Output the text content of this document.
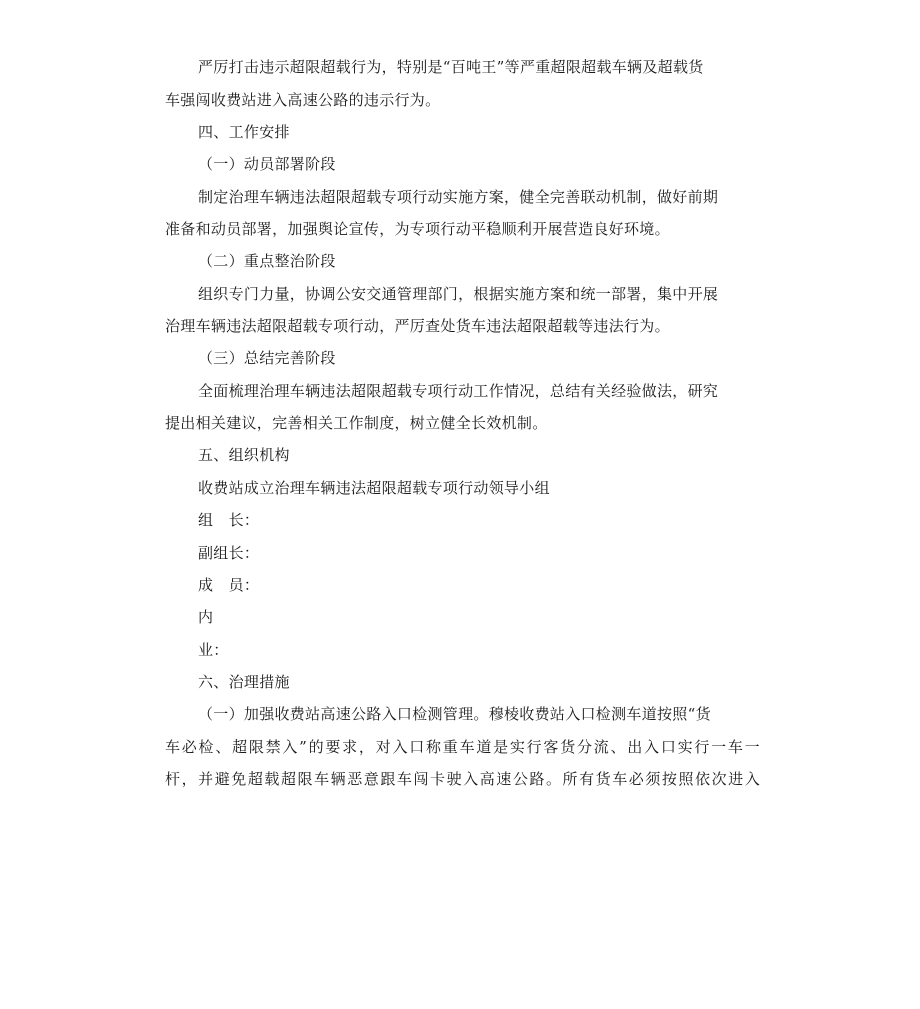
严厉打击违示超限超载行为，特别是“百吨王”等严重超限超载车辆及超载货
车强闯收费站进入高速公路的违示行为。
四、工作安排
（一）动员部署阶段
制定治理车辆违法超限超载专项行动实施方案，健全完善联动机制，做好前期
准备和动员部署，加强舆论宣传，为专项行动平稳顺利开展营造良好环境。
（二）重点整治阶段
组织专门力量，协调公安交通管理部门，根据实施方案和统一部署，集中开展
治理车辆违法超限超载专项行动，严厉查处货车违法超限超载等违法行为。
（三）总结完善阶段
全面梳理治理车辆违法超限超载专项行动工作情况，总结有关经验做法，研究
提出相关建议，完善相关工作制度，树立健全长效机制。
五、组织机构
收费站成立治理车辆违法超限超载专项行动领导小组
组　长：
副组长：
成　员：
内
业：
六、治理措施
（一）加强收费站高速公路入口检测管理。穆棱收费站入口检测车道按照“货
车必检、超限禁入”的要求，对入口称重车道是实行客货分流、出入口实行一车一
杆，并避免超载超限车辆恶意跟车闯卡驶入高速公路。所有货车必须按照依次进入
